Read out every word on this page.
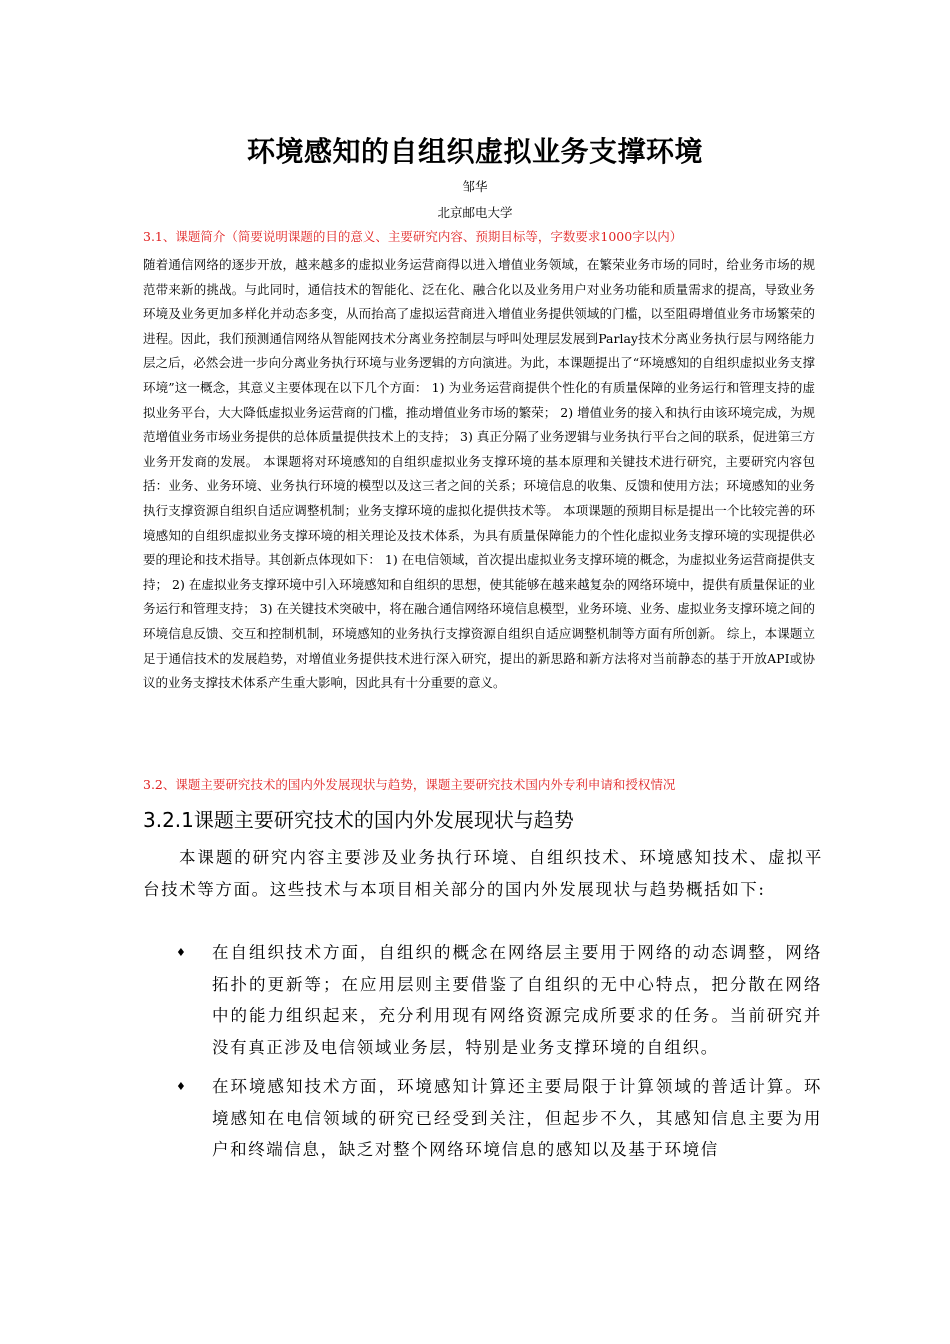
环境感知的自组织虚拟业务支撑环境
邹华
北京邮电大学
3.1、课题简介（简要说明课题的目的意义、主要研究内容、预期目标等，字数要求1000字以内）
随着通信网络的逐步开放，越来越多的虚拟业务运营商得以进入增值业务领域，在繁荣业务市场的同时，给业务市场的规范带来新的挑战。与此同时，通信技术的智能化、泛在化、融合化以及业务用户对业务功能和质量需求的提高，导致业务环境及业务更加多样化并动态多变，从而抬高了虚拟运营商进入增值业务提供领域的门槛，以至阻碍增值业务市场繁荣的进程。因此，我们预测通信网络从智能网技术分离业务控制层与呼叫处理层发展到Parlay技术分离业务执行层与网络能力层之后，必然会进一步向分离业务执行环境与业务逻辑的方向演进。为此，本课题提出了“环境感知的自组织虚拟业务支撑环境”这一概念，其意义主要体现在以下几个方面： 1) 为业务运营商提供个性化的有质量保障的业务运行和管理支持的虚拟业务平台，大大降低虚拟业务运营商的门槛，推动增值业务市场的繁荣； 2) 增值业务的接入和执行由该环境完成，为规范增值业务市场业务提供的总体质量提供技术上的支持； 3) 真正分隔了业务逻辑与业务执行平台之间的联系，促进第三方业务开发商的发展。 本课题将对环境感知的自组织虚拟业务支撑环境的基本原理和关键技术进行研究，主要研究内容包括：业务、业务环境、业务执行环境的模型以及这三者之间的关系；环境信息的收集、反馈和使用方法；环境感知的业务执行支撑资源自组织自适应调整机制；业务支撑环境的虚拟化提供技术等。 本项课题的预期目标是提出一个比较完善的环境感知的自组织虚拟业务支撑环境的相关理论及技术体系，为具有质量保障能力的个性化虚拟业务支撑环境的实现提供必要的理论和技术指导。其创新点体现如下： 1) 在电信领域，首次提出虚拟业务支撑环境的概念，为虚拟业务运营商提供支持； 2) 在虚拟业务支撑环境中引入环境感知和自组织的思想，使其能够在越来越复杂的网络环境中，提供有质量保证的业务运行和管理支持； 3) 在关键技术突破中，将在融合通信网络环境信息模型，业务环境、业务、虚拟业务支撑环境之间的环境信息反馈、交互和控制机制，环境感知的业务执行支撑资源自组织自适应调整机制等方面有所创新。 综上，本课题立足于通信技术的发展趋势，对增值业务提供技术进行深入研究，提出的新思路和新方法将对当前静态的基于开放API或协议的业务支撑技术体系产生重大影响，因此具有十分重要的意义。
3.2、课题主要研究技术的国内外发展现状与趋势，课题主要研究技术国内外专利申请和授权情况
3.2.1课题主要研究技术的国内外发展现状与趋势
本课题的研究内容主要涉及业务执行环境、自组织技术、环境感知技术、虚拟平台技术等方面。这些技术与本项目相关部分的国内外发展现状与趋势概括如下:
♦ 在自组织技术方面，自组织的概念在网络层主要用于网络的动态调整，网络拓扑的更新等；在应用层则主要借鉴了自组织的无中心特点，把分散在网络中的能力组织起来，充分利用现有网络资源完成所要求的任务。当前研究并没有真正涉及电信领域业务层，特别是业务支撑环境的自组织。
♦ 在环境感知技术方面，环境感知计算还主要局限于计算领域的普适计算。环境感知在电信领域的研究已经受到关注，但起步不久，其感知信息主要为用户和终端信息，缺乏对整个网络环境信息的感知以及基于环境信
